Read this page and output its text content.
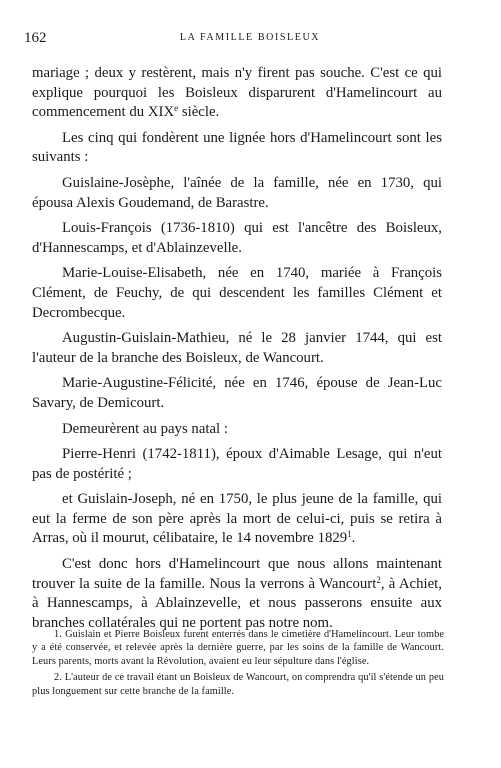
162	LA FAMILLE BOISLEUX

mariage ; deux y restèrent, mais n'y firent pas souche. C'est ce qui explique pourquoi les Boisleux disparurent d'Hamelincourt au commencement du XIXe siècle.

Les cinq qui fondèrent une lignée hors d'Hamelincourt sont les suivants :

Guislaine-Josèphe, l'aînée de la famille, née en 1730, qui épousa Alexis Goudemand, de Barastre.

Louis-François (1736-1810) qui est l'ancêtre des Boisleux, d'Hannescamps, et d'Ablainzevelle.

Marie-Louise-Elisabeth, née en 1740, mariée à François Clément, de Feuchy, de qui descendent les familles Clément et Decrombecque.

Augustin-Guislain-Mathieu, né le 28 janvier 1744, qui est l'auteur de la branche des Boisleux, de Wancourt.

Marie-Augustine-Félicité, née en 1746, épouse de Jean-Luc Savary, de Demicourt.

Demeurèrent au pays natal :

Pierre-Henri (1742-1811), époux d'Aimable Lesage, qui n'eut pas de postérité ;

et Guislain-Joseph, né en 1750, le plus jeune de la famille, qui eut la ferme de son père après la mort de celui-ci, puis se retira à Arras, où il mourut, célibataire, le 14 novembre 1829$^1$.

C'est donc hors d'Hamelincourt que nous allons maintenant trouver la suite de la famille. Nous la verrons à Wancourt$^2$, à Achiet, à Hannescamps, à Ablainzevelle, et nous passerons ensuite aux branches collatérales qui ne portent pas notre nom.

1. Guislain et Pierre Boisleux furent enterrés dans le cimetière d'Hamelincourt. Leur tombe y a été conservée, et relevée après la dernière guerre, par les soins de la famille de Wancourt. Leurs parents, morts avant la Révolution, avaient eu leur sépulture dans l'église.

2. L'auteur de ce travail étant un Boisleux de Wancourt, on comprendra qu'il s'étende un peu plus longuement sur cette branche de la famille.
